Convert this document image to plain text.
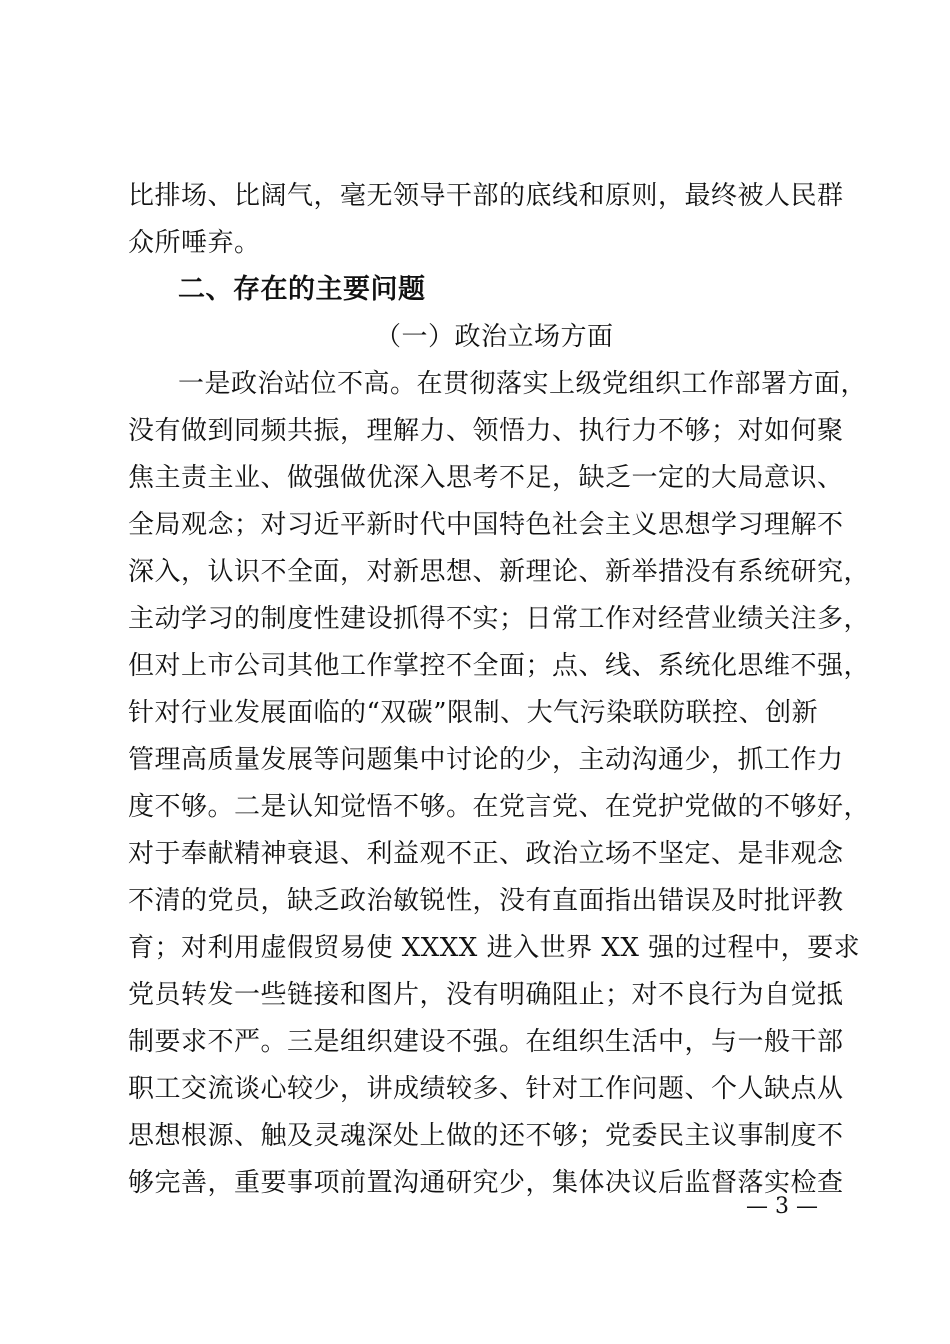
比排场、比阔气，毫无领导干部的底线和原则，最终被人民群
众所唾弃。
二、存在的主要问题
（一）政治立场方面
一是政治站位不高。在贯彻落实上级党组织工作部署方面，
没有做到同频共振，理解力、领悟力、执行力不够；对如何聚
焦主责主业、做强做优深入思考不足，缺乏一定的大局意识、
全局观念；对习近平新时代中国特色社会主义思想学习理解不
深入，认识不全面，对新思想、新理论、新举措没有系统研究，
主动学习的制度性建设抓得不实；日常工作对经营业绩关注多，
但对上市公司其他工作掌控不全面；点、线、系统化思维不强，
针对行业发展面临的“双碳”限制、大气污染联防联控、创新
管理高质量发展等问题集中讨论的少，主动沟通少，抓工作力
度不够。二是认知觉悟不够。在党言党、在党护党做的不够好，
对于奉献精神衰退、利益观不正、政治立场不坚定、是非观念
不清的党员，缺乏政治敏锐性，没有直面指出错误及时批评教
育；对利用虚假贸易使 XXXX 进入世界 XX 强的过程中，要求
党员转发一些链接和图片，没有明确阻止；对不良行为自觉抵
制要求不严。三是组织建设不强。在组织生活中，与一般干部
职工交流谈心较少，讲成绩较多、针对工作问题、个人缺点从
思想根源、触及灵魂深处上做的还不够；党委民主议事制度不
够完善，重要事项前置沟通研究少，集体决议后监督落实检查
— 3 —
